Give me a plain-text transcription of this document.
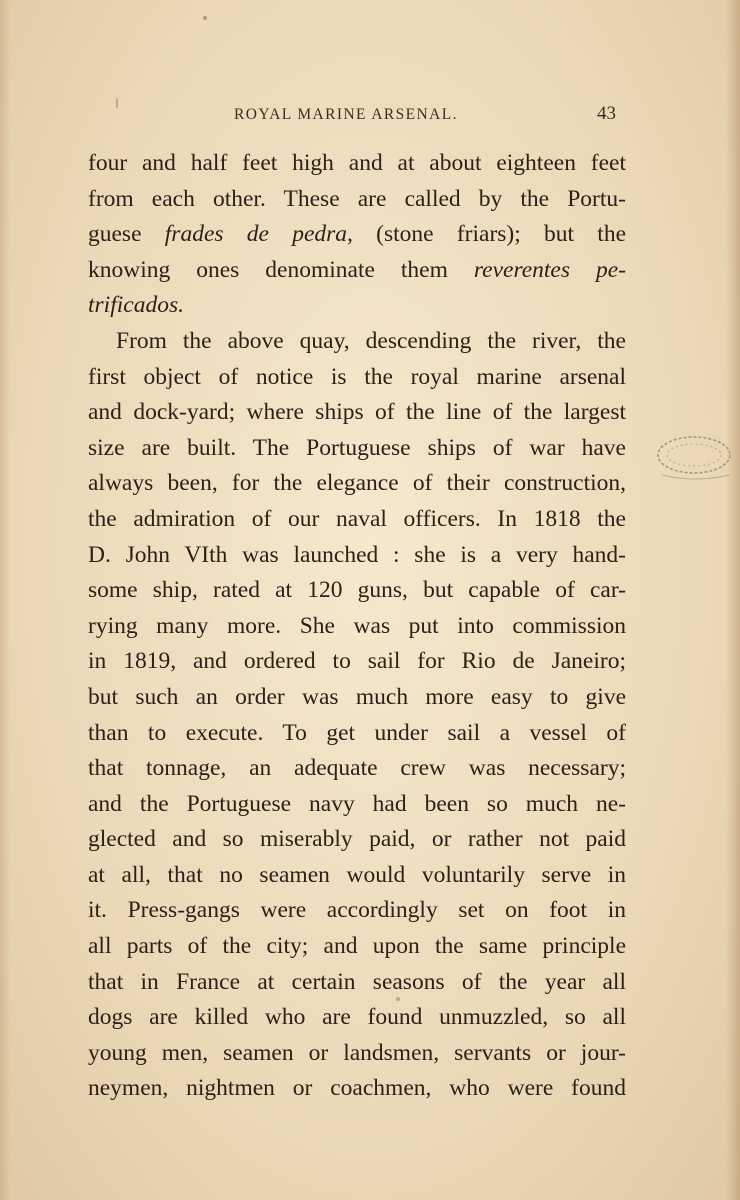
ROYAL MARINE ARSENAL.	43
four and half feet high and at about eighteen feet
from each other. These are called by the Portu-
guese frades de pedra, (stone friars); but the
knowing ones denominate them reverentes pe-
trificados.
From the above quay, descending the river, the
first object of notice is the royal marine arsenal
and dock-yard; where ships of the line of the largest
size are built. The Portuguese ships of war have
always been, for the elegance of their construction,
the admiration of our naval officers. In 1818 the
D. John VIth was launched : she is a very hand-
some ship, rated at 120 guns, but capable of car-
rying many more. She was put into commission
in 1819, and ordered to sail for Rio de Janeiro;
but such an order was much more easy to give
than to execute. To get under sail a vessel of
that tonnage, an adequate crew was necessary;
and the Portuguese navy had been so much ne-
glected and so miserably paid, or rather not paid
at all, that no seamen would voluntarily serve in
it. Press-gangs were accordingly set on foot in
all parts of the city; and upon the same principle
that in France at certain seasons of the year all
dogs are killed who are found unmuzzled, so all
young men, seamen or landsmen, servants or jour-
neymen, nightmen or coachmen, who were found
